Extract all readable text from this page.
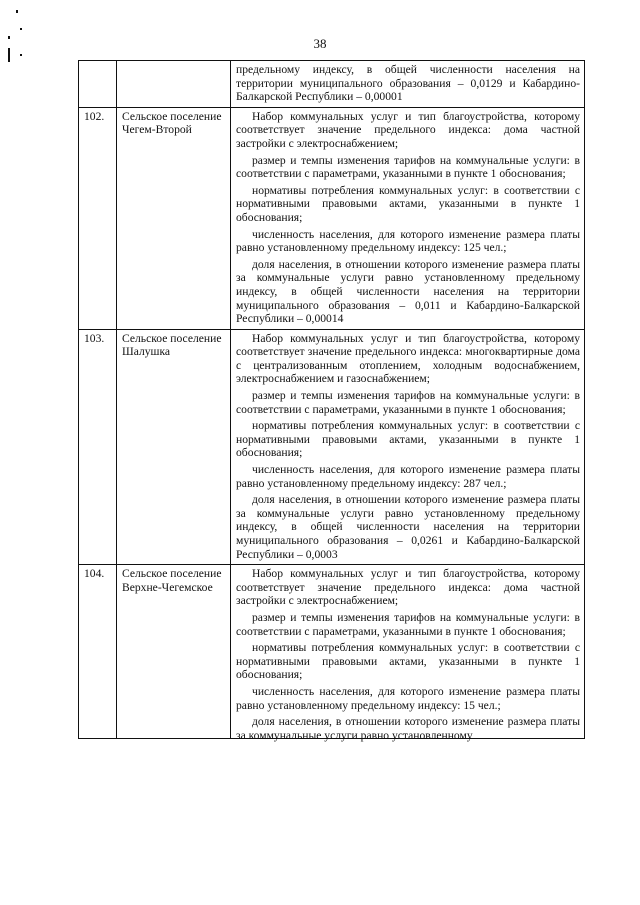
38

		предельному индексу, в общей численности населения на территории муниципального образования – 0,0129 и Кабардино-Балкарской Республики – 0,00001

102.	Сельское поселение Чегем-Второй	Набор коммунальных услуг и тип благоустройства, которому соответствует значение предельного индекса: дома частной застройки с электроснабжением;

размер и темпы изменения тарифов на коммунальные услуги: в соответствии с параметрами, указанными в пункте 1 обоснования;

нормативы потребления коммунальных услуг: в соответствии с нормативными правовыми актами, указанными в пункте 1 обоснования;

численность населения, для которого изменение размера платы равно установленному предельному индексу: 125 чел.;

доля населения, в отношении которого изменение размера платы за коммунальные услуги равно установленному предельному индексу, в общей численности населения на территории муниципального образования – 0,011 и Кабардино-Балкарской Республики – 0,00014

103.	Сельское поселение Шалушка	Набор коммунальных услуг и тип благоустройства, которому соответствует значение предельного индекса: многоквартирные дома с централизованным отоплением, холодным водоснабжением, электроснабжением и газоснабжением;

размер и темпы изменения тарифов на коммунальные услуги: в соответствии с параметрами, указанными в пункте 1 обоснования;

нормативы потребления коммунальных услуг: в соответствии с нормативными правовыми актами, указанными в пункте 1 обоснования;

численность населения, для которого изменение размера платы равно установленному предельному индексу: 287 чел.;

доля населения, в отношении которого изменение размера платы за коммунальные услуги равно установленному предельному индексу, в общей численности населения на территории муниципального образования – 0,0261 и Кабардино-Балкарской Республики – 0,0003

104.	Сельское поселение Верхне-Чегемское	Набор коммунальных услуг и тип благоустройства, которому соответствует значение предельного индекса: дома частной застройки с электроснабжением;

размер и темпы изменения тарифов на коммунальные услуги: в соответствии с параметрами, указанными в пункте 1 обоснования;

нормативы потребления коммунальных услуг: в соответствии с нормативными правовыми актами, указанными в пункте 1 обоснования;

численность населения, для которого изменение размера платы равно установленному предельному индексу: 15 чел.;

доля населения, в отношении которого изменение размера платы за коммунальные услуги равно установленному
